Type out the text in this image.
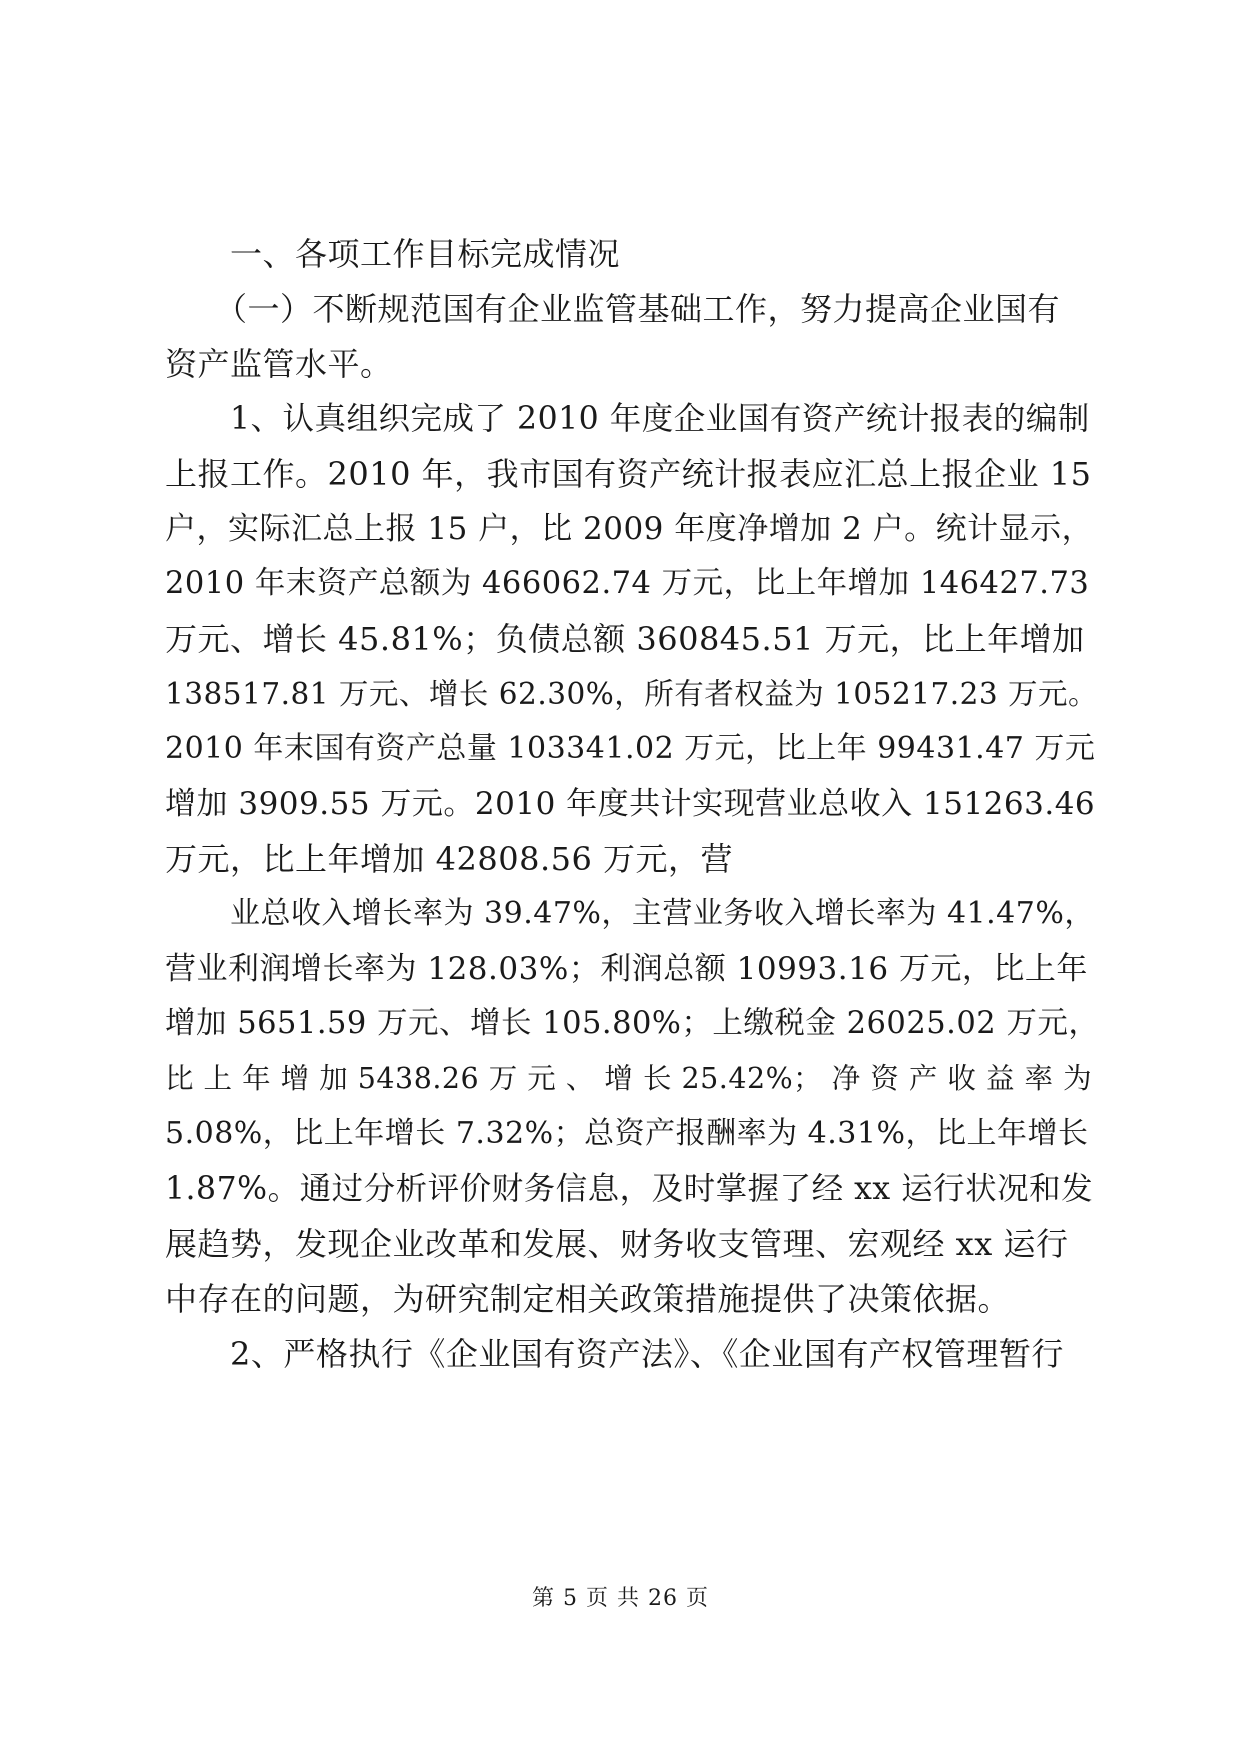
一、各项工作目标完成情况
（一）不断规范国有企业监管基础工作，努力提高企业国有
资产监管水平。
1、认真组织完成了 2010 年度企业国有资产统计报表的编制
上报工作。2010 年，我市国有资产统计报表应汇总上报企业 15
户，实际汇总上报 15 户，比 2009 年度净增加 2 户。统计显示，
2010 年末资产总额为 466062.74 万元，比上年增加 146427.73
万元、增长 45.81%；负债总额 360845.51 万元，比上年增加
138517.81 万元、增长 62.30%，所有者权益为 105217.23 万元。
2010 年末国有资产总量 103341.02 万元，比上年 99431.47 万元
增加 3909.55 万元。2010 年度共计实现营业总收入 151263.46
万元，比上年增加 42808.56 万元，营
业总收入增长率为 39.47%，主营业务收入增长率为 41.47%，
营业利润增长率为 128.03%；利润总额 10993.16 万元，比上年
增加 5651.59 万元、增长 105.80%；上缴税金 26025.02 万元，
比 上 年 增 加 5438.26 万 元 、 增 长 25.42%； 净 资 产 收 益 率 为
5.08%，比上年增长 7.32%；总资产报酬率为 4.31%，比上年增长
1.87%。通过分析评价财务信息，及时掌握了经 xx 运行状况和发
展趋势，发现企业改革和发展、财务收支管理、宏观经 xx 运行
中存在的问题，为研究制定相关政策措施提供了决策依据。
2、严格执行《企业国有资产法》、《企业国有产权管理暂行
第 5 页 共 26 页
